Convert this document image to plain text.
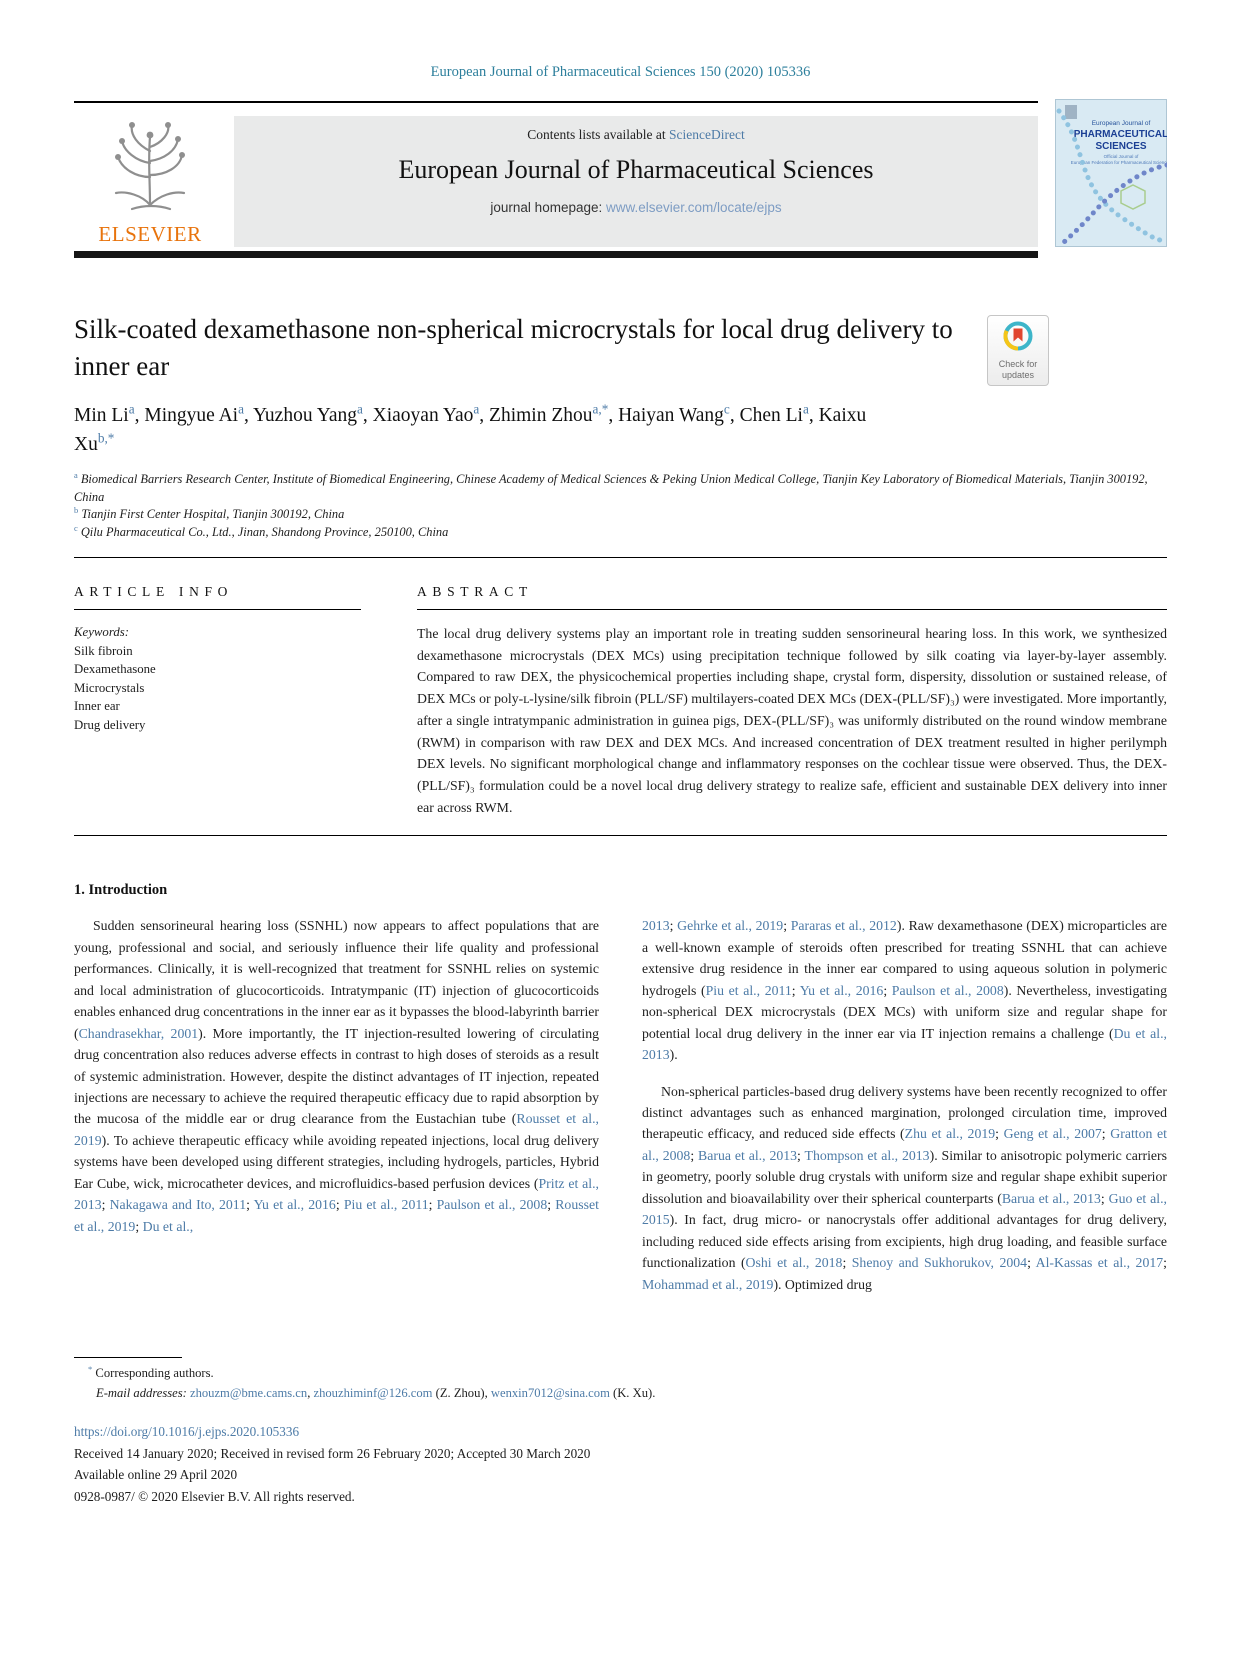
European Journal of Pharmaceutical Sciences 150 (2020) 105336
ELSEVIER
Contents lists available at ScienceDirect
European Journal of Pharmaceutical Sciences
journal homepage: www.elsevier.com/locate/ejps
European Journal of
PHARMACEUTICAL
SCIENCES
Official Journal of
European Federation for Pharmaceutical Sciences
Silk-coated dexamethasone non-spherical microcrystals for local drug delivery to inner ear	Check for
updates
Min Li$^a$, Mingyue Ai$^a$, Yuzhou Yang$^a$, Xiaoyan Yao$^a$, Zhimin Zhou$^{a,*}$, Haiyan Wang$^c$, Chen Li$^a$, Kaixu Xu$^{b,*}$
$^a$ Biomedical Barriers Research Center, Institute of Biomedical Engineering, Chinese Academy of Medical Sciences & Peking Union Medical College, Tianjin Key Laboratory of Biomedical Materials, Tianjin 300192, China
$^b$ Tianjin First Center Hospital, Tianjin 300192, China
$^c$ Qilu Pharmaceutical Co., Ltd., Jinan, Shandong Province, 250100, China
ARTICLE INFO
Keywords:
Silk fibroin
Dexamethasone
Microcrystals
Inner ear
Drug delivery
ABSTRACT
The local drug delivery systems play an important role in treating sudden sensorineural hearing loss. In this work, we synthesized dexamethasone microcrystals (DEX MCs) using precipitation technique followed by silk coating via layer-by-layer assembly. Compared to raw DEX, the physicochemical properties including shape, crystal form, dispersity, dissolution or sustained release, of DEX MCs or poly-ʟ-lysine/silk fibroin (PLL/SF) multilayers-coated DEX MCs (DEX-(PLL/SF)₃) were investigated. More importantly, after a single intratympanic administration in guinea pigs, DEX-(PLL/SF)₃ was uniformly distributed on the round window membrane (RWM) in comparison with raw DEX and DEX MCs. And increased concentration of DEX treatment resulted in higher perilymph DEX levels. No significant morphological change and inflammatory responses on the cochlear tissue were observed. Thus, the DEX-(PLL/SF)₃ formulation could be a novel local drug delivery strategy to realize safe, efficient and sustainable DEX delivery into inner ear across RWM.
1. Introduction

Sudden sensorineural hearing loss (SSNHL) now appears to affect populations that are young, professional and social, and seriously influence their life quality and professional performances. Clinically, it is well-recognized that treatment for SSNHL relies on systemic and local administration of glucocorticoids. Intratympanic (IT) injection of glucocorticoids enables enhanced drug concentrations in the inner ear as it bypasses the blood-labyrinth barrier (Chandrasekhar, 2001). More importantly, the IT injection-resulted lowering of circulating drug concentration also reduces adverse effects in contrast to high doses of steroids as a result of systemic administration. However, despite the distinct advantages of IT injection, repeated injections are necessary to achieve the required therapeutic efficacy due to rapid absorption by the mucosa of the middle ear or drug clearance from the Eustachian tube (Rousset et al., 2019). To achieve therapeutic efficacy while avoiding repeated injections, local drug delivery systems have been developed using different strategies, including hydrogels, particles, Hybrid Ear Cube, wick, microcatheter devices, and microfluidics-based perfusion devices (Pritz et al., 2013; Nakagawa and Ito, 2011; Yu et al., 2016; Piu et al., 2011; Paulson et al., 2008; Rousset et al., 2019; Du et al.,

2013; Gehrke et al., 2019; Pararas et al., 2012). Raw dexamethasone (DEX) microparticles are a well-known example of steroids often prescribed for treating SSNHL that can achieve extensive drug residence in the inner ear compared to using aqueous solution in polymeric hydrogels (Piu et al., 2011; Yu et al., 2016; Paulson et al., 2008). Nevertheless, investigating non-spherical DEX microcrystals (DEX MCs) with uniform size and regular shape for potential local drug delivery in the inner ear via IT injection remains a challenge (Du et al., 2013).

Non-spherical particles-based drug delivery systems have been recently recognized to offer distinct advantages such as enhanced margination, prolonged circulation time, improved therapeutic efficacy, and reduced side effects (Zhu et al., 2019; Geng et al., 2007; Gratton et al., 2008; Barua et al., 2013; Thompson et al., 2013). Similar to anisotropic polymeric carriers in geometry, poorly soluble drug crystals with uniform size and regular shape exhibit superior dissolution and bioavailability over their spherical counterparts (Barua et al., 2013; Guo et al., 2015). In fact, drug micro- or nanocrystals offer additional advantages for drug delivery, including reduced side effects arising from excipients, high drug loading, and feasible surface functionalization (Oshi et al., 2018; Shenoy and Sukhorukov, 2004; Al-Kassas et al., 2017; Mohammad et al., 2019). Optimized drug

* Corresponding authors.
E-mail addresses: zhouzm@bme.cams.cn, zhouzhiminf@126.com (Z. Zhou), wenxin7012@sina.com (K. Xu).
https://doi.org/10.1016/j.ejps.2020.105336
Received 14 January 2020; Received in revised form 26 February 2020; Accepted 30 March 2020
Available online 29 April 2020
0928-0987/ © 2020 Elsevier B.V. All rights reserved.
